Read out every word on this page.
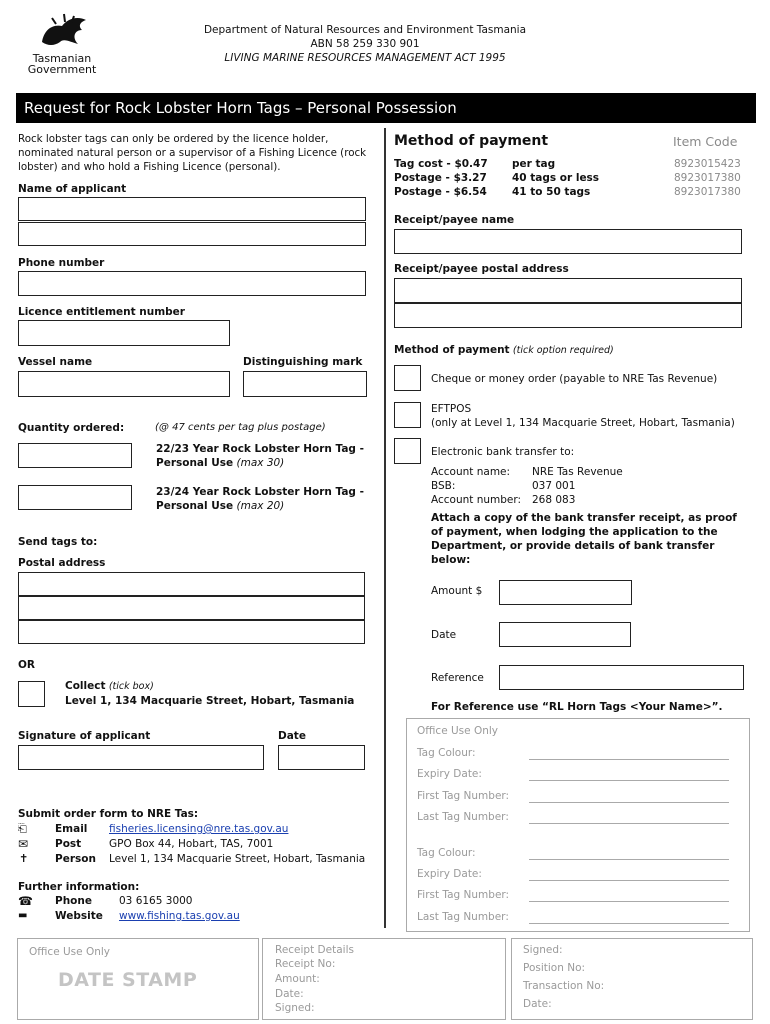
Tasmanian
Government
Department of Natural Resources and Environment Tasmania
ABN 58 259 330 901
LIVING MARINE RESOURCES MANAGEMENT ACT 1995
Request for Rock Lobster Horn Tags – Personal Possession
Rock lobster tags can only be ordered by the licence holder, nominated natural person or a supervisor of a Fishing Licence (rock lobster) and who hold a Fishing Licence (personal).
Name of applicant
Phone number
Licence entitlement number
Vessel name	Distinguishing mark
Quantity ordered:	(@ 47 cents per tag plus postage)
22/23 Year Rock Lobster Horn Tag -
Personal Use (max 30)
23/24 Year Rock Lobster Horn Tag -
Personal Use (max 20)
Send tags to:
Postal address
OR
Collect (tick box)
Level 1, 134 Macquarie Street, Hobart, Tasmania
Signature of applicant	Date
Submit order form to NRE Tas:
⎗	Email fisheries.licensing@nre.tas.gov.au
✉	Post	GPO Box 44, Hobart, TAS, 7001
✝	Person Level 1, 134 Macquarie Street, Hobart, Tasmania
Further information:
☎ Phone	03 6165 3000
▬	Website www.fishing.tas.gov.au
Method of payment	Item Code
Tag cost - $0.47 per tag	8923015423
Postage - $3.27 40 tags or less	8923017380
Postage - $6.54 41 to 50 tags	8923017380
Receipt/payee name
Receipt/payee postal address
Method of payment (tick option required)
Cheque or money order (payable to NRE Tas Revenue)
EFTPOS
(only at Level 1, 134 Macquarie Street, Hobart, Tasmania)
Electronic bank transfer to:
Account name: NRE Tas Revenue
BSB:	037 001
Account number: 268 083
Attach a copy of the bank transfer receipt, as proof of payment, when lodging the application to the Department, or provide details of bank transfer below:
Amount $
Date
Reference
For Reference use “RL Horn Tags <Your Name>”.
Office Use Only
Tag Colour:
Expiry Date:
First Tag Number:
Last Tag Number:
Tag Colour:
Expiry Date:
First Tag Number:
Last Tag Number:
Office Use Only
DATE STAMP
Receipt Details
Receipt No:
Amount:
Date:
Signed:
Signed:
Position No:
Transaction No:
Date:
